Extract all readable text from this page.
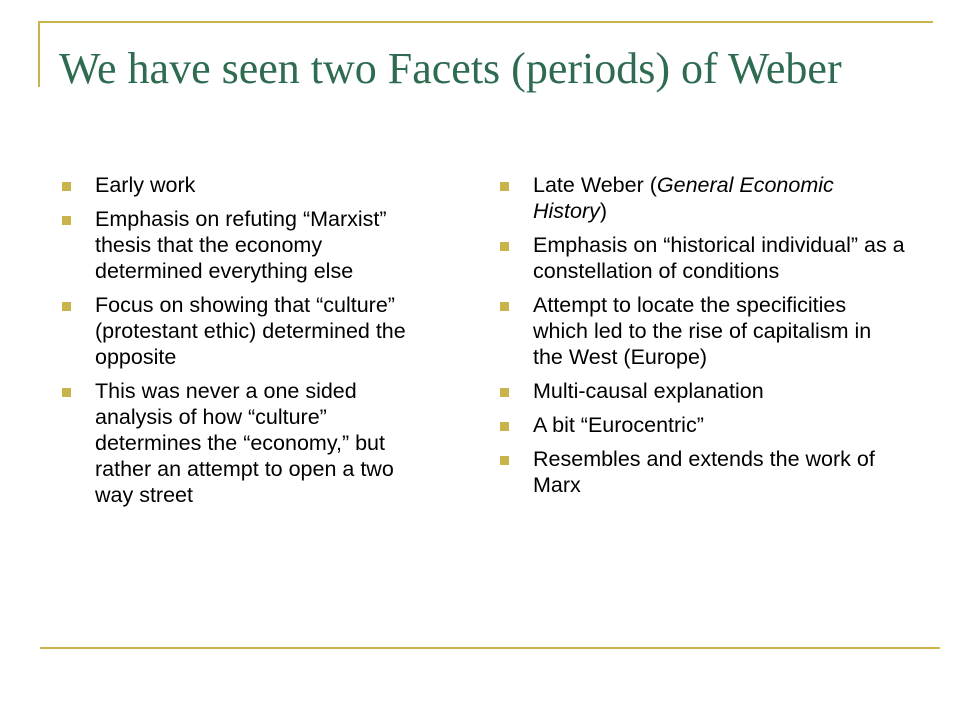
We have seen two Facets (periods) of Weber
Early work
Emphasis on refuting “Marxist” thesis that the economy determined everything else
Focus on showing that “culture” (protestant ethic) determined the opposite
This was never a one sided analysis of how “culture” determines the “economy,” but rather an attempt to open a two way street
Late Weber (General Economic History)
Emphasis on “historical individual” as a constellation of conditions
Attempt to locate the specificities which led to the rise of capitalism in the West (Europe)
Multi-causal explanation
A bit “Eurocentric”
Resembles and extends the work of Marx
